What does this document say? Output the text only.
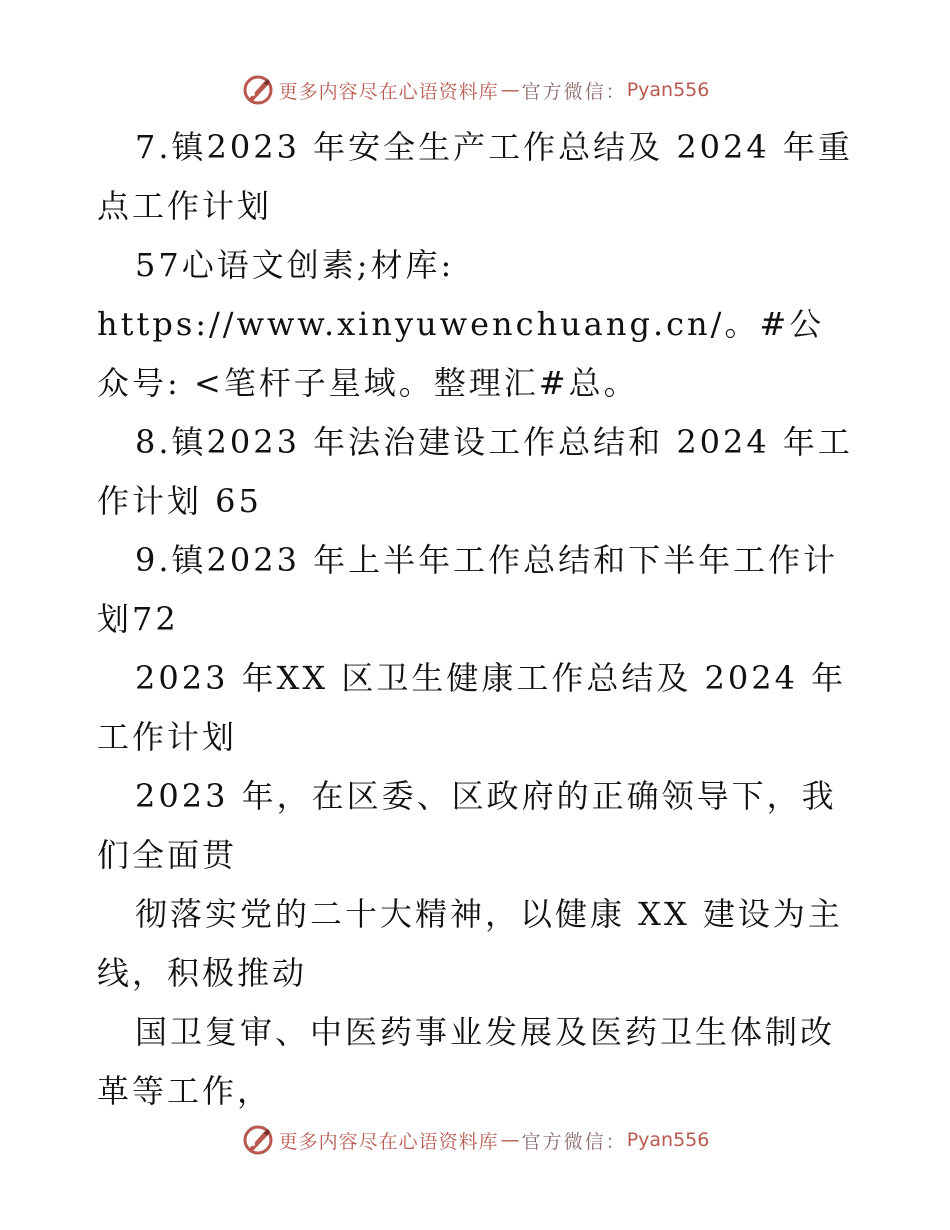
更多内容尽在心语资料库 — 官方微信： Pyan556

7.镇2023 年安全生产工作总结及 2024 年重点工作计划

57心语文创素;材库: https://www.xinyuwenchuang.cn/。#公众号: <笔杆子星域。整理汇#总。

8.镇2023 年法治建设工作总结和 2024 年工作计划 65

9.镇2023 年上半年工作总结和下半年工作计划72

2023 年XX 区卫生健康工作总结及 2024 年工作计划

2023 年，在区委、区政府的正确领导下，我们全面贯

彻落实党的二十大精神，以健康 XX 建设为主线，积极推动

国卫复审、中医药事业发展及医药卫生体制改革等工作，

更多内容尽在心语资料库 — 官方微信： Pyan556
